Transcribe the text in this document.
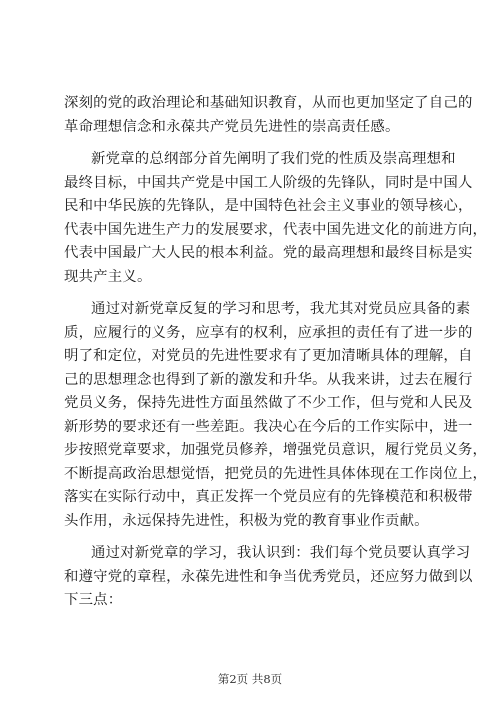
深刻的党的政治理论和基础知识教育，从而也更加坚定了自己的
革命理想信念和永葆共产党员先进性的崇高责任感。
新党章的总纲部分首先阐明了我们党的性质及崇高理想和
最终目标，中国共产党是中国工人阶级的先锋队，同时是中国人
民和中华民族的先锋队，是中国特色社会主义事业的领导核心，
代表中国先进生产力的发展要求，代表中国先进文化的前进方向，
代表中国最广大人民的根本利益。党的最高理想和最终目标是实
现共产主义。
通过对新党章反复的学习和思考，我尤其对党员应具备的素
质，应履行的义务，应享有的权利，应承担的责任有了进一步的
明了和定位，对党员的先进性要求有了更加清晰具体的理解，自
己的思想理念也得到了新的激发和升华。从我来讲，过去在履行
党员义务，保持先进性方面虽然做了不少工作，但与党和人民及
新形势的要求还有一些差距。我决心在今后的工作实际中，进一
步按照党章要求，加强党员修养，增强党员意识，履行党员义务，
不断提高政治思想觉悟，把党员的先进性具体体现在工作岗位上，
落实在实际行动中，真正发挥一个党员应有的先锋模范和积极带
头作用，永远保持先进性，积极为党的教育事业作贡献。
通过对新党章的学习，我认识到：我们每个党员要认真学习
和遵守党的章程，永葆先进性和争当优秀党员，还应努力做到以
下三点：
第2页 共8页
